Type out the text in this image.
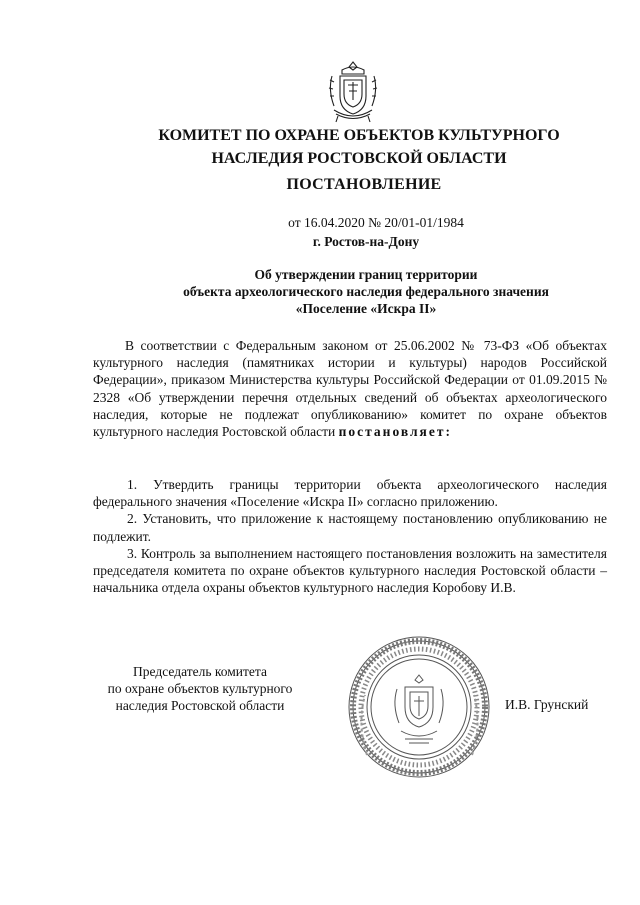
КОМИТЕТ ПО ОХРАНЕ ОБЪЕКТОВ КУЛЬТУРНОГО
НАСЛЕДИЯ РОСТОВСКОЙ ОБЛАСТИ
ПОСТАНОВЛЕНИЕ
от 16.04.2020 № 20/01-01/1984
г. Ростов-на-Дону
Об утверждении границ территории
объекта археологического наследия федерального значения
«Поселение «Искра II»
В соответствии с Федеральным законом от 25.06.2002 № 73-ФЗ «Об объектах культурного наследия (памятниках истории и культуры) народов Российской Федерации», приказом Министерства культуры Российской Федерации от 01.09.2015 № 2328 «Об утверждении перечня отдельных сведений об объектах археологического наследия, которые не подлежат опубликованию» комитет по охране объектов культурного наследия Ростовской области постановляет:

1. Утвердить границы территории объекта археологического наследия федерального значения «Поселение «Искра II» согласно приложению.

2. Установить, что приложение к настоящему постановлению опубликованию не подлежит.

3. Контроль за выполнением настоящего постановления возложить на заместителя председателя комитета по охране объектов культурного наследия Ростовской области – начальника отдела охраны объектов культурного наследия Коробову И.В.

Председатель комитета
по охране объектов культурного
наследия Ростовской области	И.В. Грунский
